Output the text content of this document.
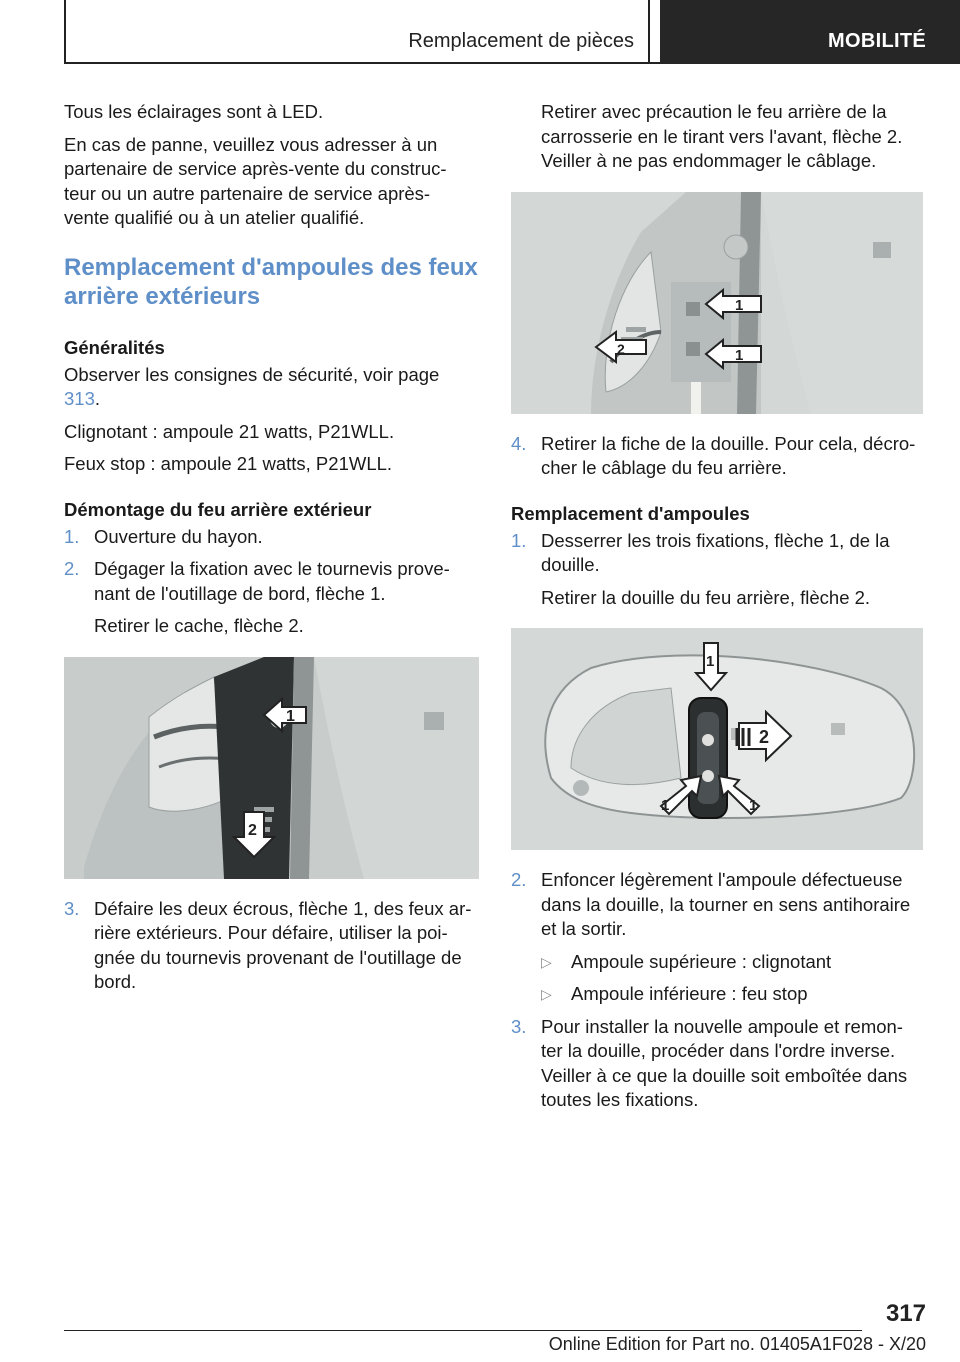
Remplacement de pièces	MOBILITÉ

Tous les éclairages sont à LED.

En cas de panne, veuillez vous adresser à un partenaire de service après-vente du construc- teur ou un autre partenaire de service après- vente qualifié ou à un atelier qualifié.

Remplacement d'ampoules des feux arrière extérieurs
Généralités

Observer les consignes de sécurité, voir page 313.

Clignotant : ampoule 21 watts, P21WLL.

Feux stop : ampoule 21 watts, P21WLL.

Démontage du feu arrière extérieur
1. Ouverture du hayon.
2. Dégager la fixation avec le tournevis prove- nant de l'outillage de bord, flèche 1.
Retirer le cache, flèche 2.
1
2
3. Défaire les deux écrous, flèche 1, des feux ar- rière extérieurs. Pour défaire, utiliser la poi- gnée du tournevis provenant de l'outillage de bord.

Retirer avec précaution le feu arrière de la carrosserie en le tirant vers l'avant, flèche 2. Veiller à ne pas endommager le câblage.

2
1
1
4. Retirer la fiche de la douille. Pour cela, décro- cher le câblage du feu arrière.
Remplacement d'ampoules
1. Desserrer les trois fixations, flèche 1, de la douille.
Retirer la douille du feu arrière, flèche 2.
1
2
1	1
2. Enfoncer légèrement l'ampoule défectueuse dans la douille, la tourner en sens antihoraire et la sortir.
▷ Ampoule supérieure : clignotant
▷ Ampoule inférieure : feu stop
3. Pour installer la nouvelle ampoule et remon- ter la douille, procéder dans l'ordre inverse. Veiller à ce que la douille soit emboîtée dans toutes les fixations.
317
Online Edition for Part no. 01405A1F028 - X/20
